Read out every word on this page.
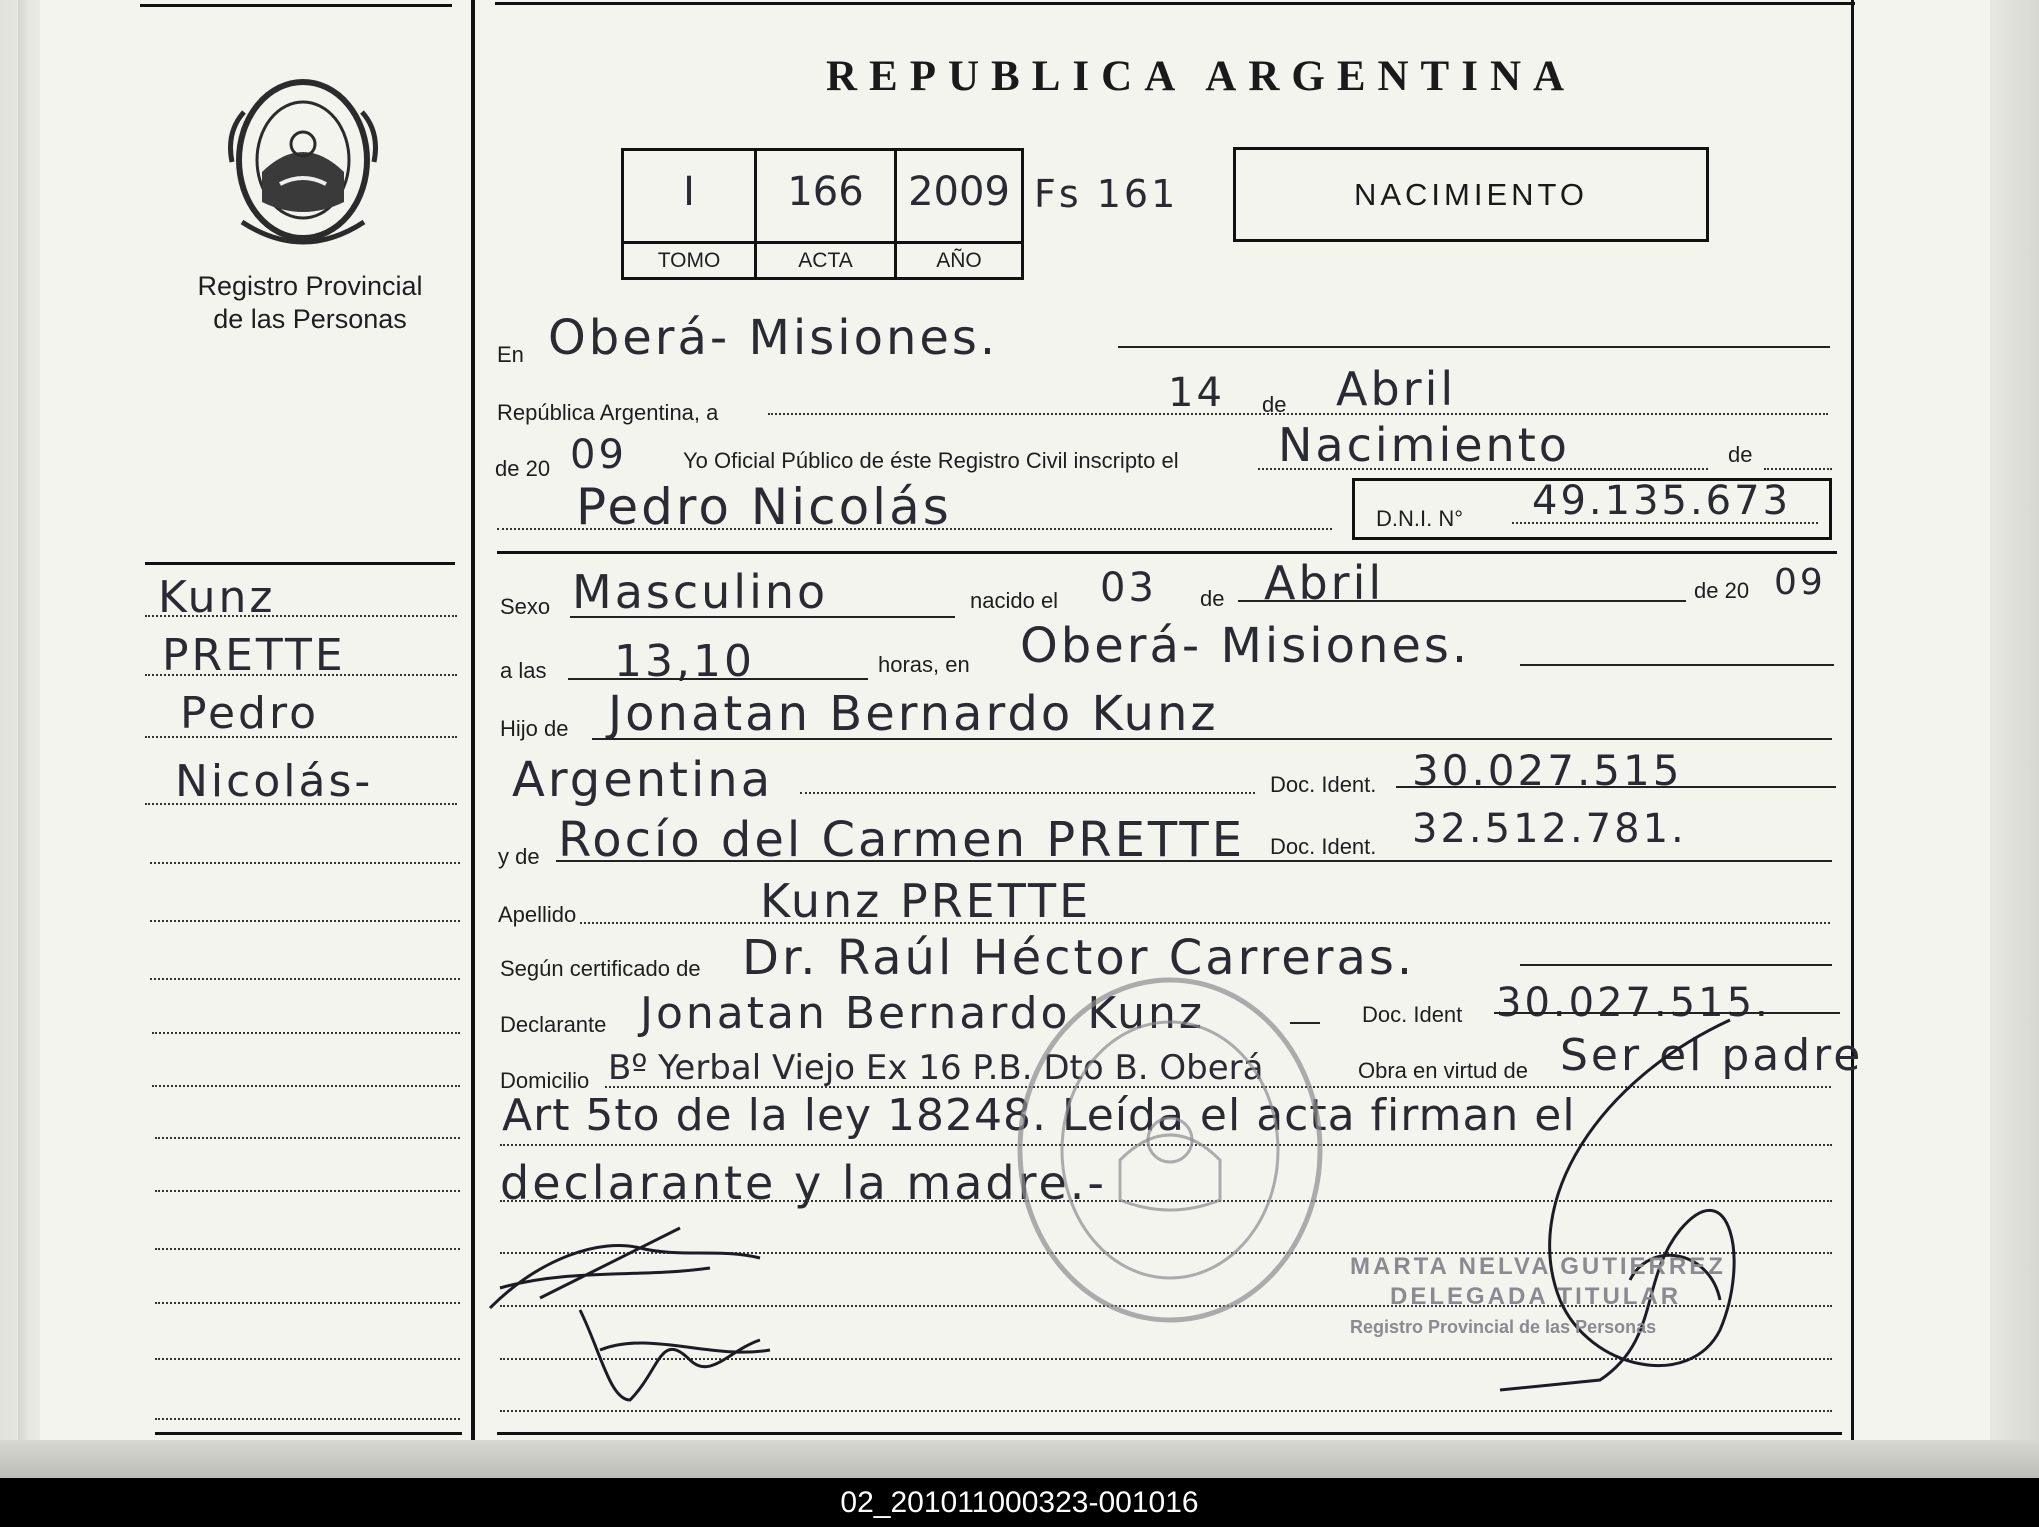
Registro Provincial
de las Personas
REPUBLICA ARGENTINA
I	166	2009
TOMO	ACTA	AÑO
Fs 161	NACIMIENTO
Kunz
PRETTE
Pedro
Nicolás-
En Oberá- Misiones.
República Argentina, a	14 de Abril
de 20 09	Yo Oficial Público de éste Registro Civil inscripto el Nacimiento	de
Pedro Nicolás	D.N.I. N° 49.135.673
Sexo Masculino	nacido el 03 de Abril	de 20 09
a las 13,10	horas, en Oberá- Misiones.
Hijo de Jonatan Bernardo Kunz
Argentina	Doc. Ident. 30.027.515
y de Rocío del Carmen PRETTE Doc. Ident. 32.512.781.
Apellido	Kunz PRETTE
Según certificado de Dr. Raúl Héctor Carreras.
Declarante Jonatan Bernardo Kunz	Doc. Ident 30.027.515.
Domicilio Bº Yerbal Viejo Ex 16 P.B. Dto B. Oberá	Obra en virtud de Ser el padre
Art 5to de la ley 18248. Leída el acta firman el
declarante y la madre.-
MARTA NELVA GUTIERREZ
DELEGADA TITULAR
Registro Provincial de las Personas
02_201011000323-001016
